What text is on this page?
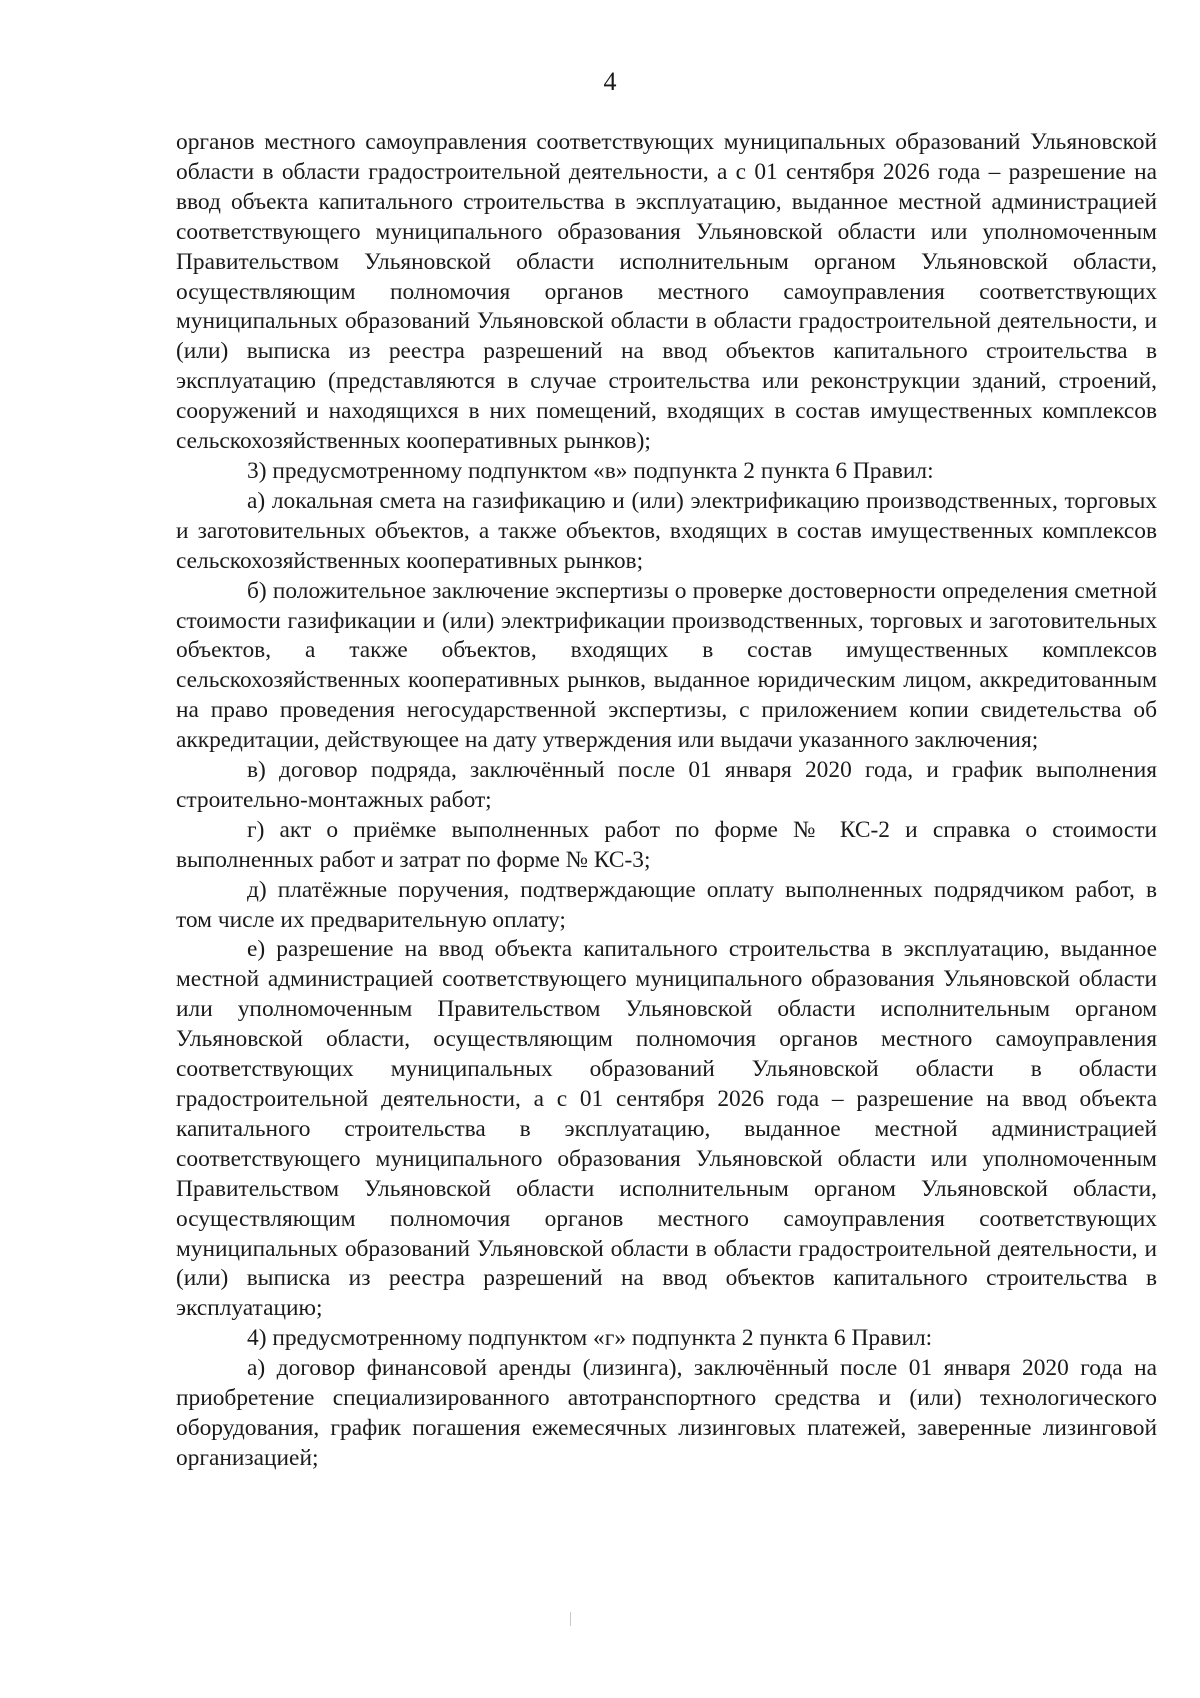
4

органов местного самоуправления соответствующих муниципальных образований Ульяновской области в области градостроительной деятельности, а с 01 сентября 2026 года – разрешение на ввод объекта капитального строительства в эксплуатацию, выданное местной администрацией соответствующего муниципального образования Ульяновской области или уполномоченным Правительством Ульяновской области исполнительным органом Ульяновской области, осуществляющим полномочия органов местного самоуправления соответствующих муниципальных образований Ульяновской области в области градостроительной деятельности, и (или) выписка из реестра разрешений на ввод объектов капитального строительства в эксплуатацию (представляются в случае строительства или реконструкции зданий, строений, сооружений и находящихся в них помещений, входящих в состав имущественных комплексов сельскохозяйственных кооперативных рынков);

3) предусмотренному подпунктом «в» подпункта 2 пункта 6 Правил:

а) локальная смета на газификацию и (или) электрификацию производственных, торговых и заготовительных объектов, а также объектов, входящих в состав имущественных комплексов сельскохозяйственных кооперативных рынков;

б) положительное заключение экспертизы о проверке достоверности определения сметной стоимости газификации и (или) электрификации производственных, торговых и заготовительных объектов, а также объектов, входящих в состав имущественных комплексов сельскохозяйственных кооперативных рынков, выданное юридическим лицом, аккредитованным на право проведения негосударственной экспертизы, с приложением копии свидетельства об аккредитации, действующее на дату утверждения или выдачи указанного заключения;

в) договор подряда, заключённый после 01 января 2020 года, и график выполнения строительно-монтажных работ;

г) акт о приёмке выполненных работ по форме № КС-2 и справка о стоимости выполненных работ и затрат по форме № КС-3;

д) платёжные поручения, подтверждающие оплату выполненных подрядчиком работ, в том числе их предварительную оплату;

е) разрешение на ввод объекта капитального строительства в эксплуатацию, выданное местной администрацией соответствующего муниципального образования Ульяновской области или уполномоченным Правительством Ульяновской области исполнительным органом Ульяновской области, осуществляющим полномочия органов местного самоуправления соответствующих муниципальных образований Ульяновской области в области градостроительной деятельности, а с 01 сентября 2026 года – разрешение на ввод объекта капитального строительства в эксплуатацию, выданное местной администрацией соответствующего муниципального образования Ульяновской области или уполномоченным Правительством Ульяновской области исполнительным органом Ульяновской области, осуществляющим полномочия органов местного самоуправления соответствующих муниципальных образований Ульяновской области в области градостроительной деятельности, и (или) выписка из реестра разрешений на ввод объектов капитального строительства в эксплуатацию;

4) предусмотренному подпунктом «г» подпункта 2 пункта 6 Правил:

а) договор финансовой аренды (лизинга), заключённый после 01 января 2020 года на приобретение специализированного автотранспортного средства и (или) технологического оборудования, график погашения ежемесячных лизинговых платежей, заверенные лизинговой организацией;
